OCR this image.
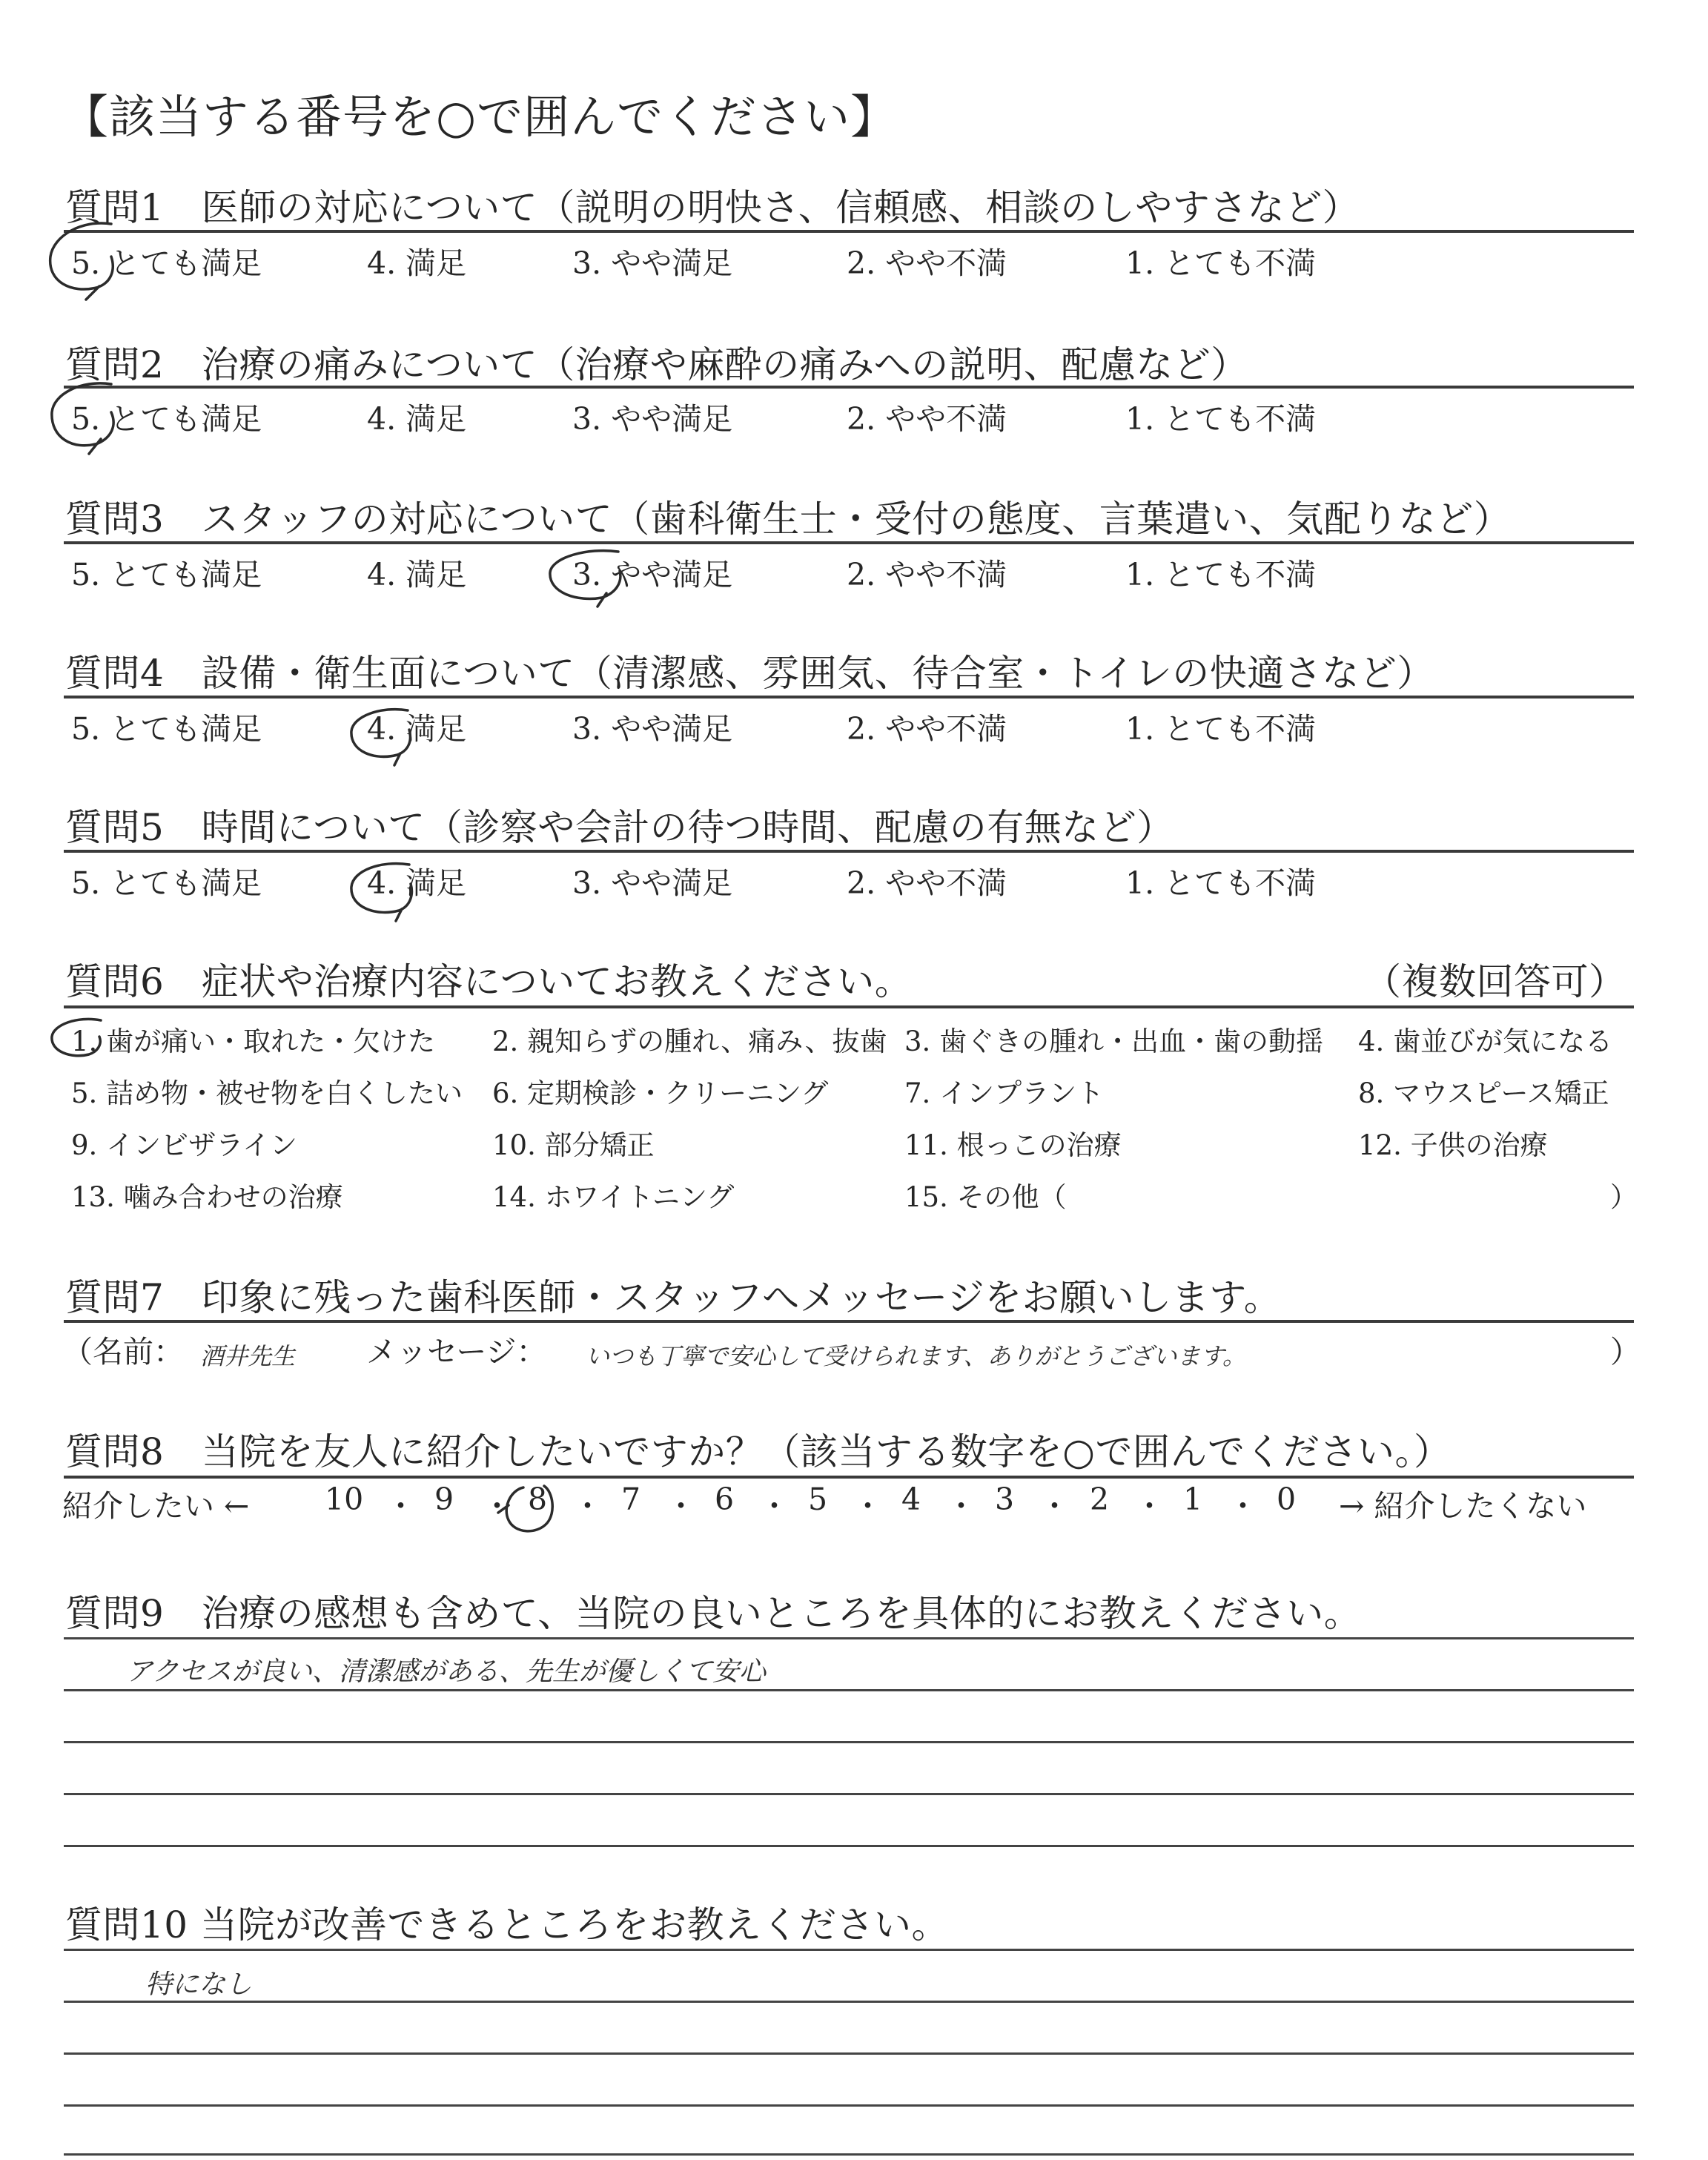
【該当する番号を○で囲んでください】
質問1　医師の対応について（説明の明快さ、信頼感、相談のしやすさなど）
5. とても満足	4. 満足	3. やや満足	2. やや不満	1. とても不満
質問2　治療の痛みについて（治療や麻酔の痛みへの説明、配慮など）
5. とても満足	4. 満足	3. やや満足	2. やや不満	1. とても不満
質問3　スタッフの対応について（歯科衛生士・受付の態度、言葉遣い、気配りなど）
5. とても満足	4. 満足	3. やや満足	2. やや不満	1. とても不満
質問4　設備・衛生面について（清潔感、雰囲気、待合室・トイレの快適さなど）
5. とても満足	4. 満足	3. やや満足	2. やや不満	1. とても不満
質問5　時間について（診察や会計の待つ時間、配慮の有無など）
5. とても満足	4. 満足	3. やや満足	2. やや不満	1. とても不満
質問6　症状や治療内容についてお教えください。	（複数回答可）
1. 歯が痛い・取れた・欠けた 2. 親知らずの腫れ、痛み、抜歯 3. 歯ぐきの腫れ・出血・歯の動揺 4. 歯並びが気になる
5. 詰め物・被せ物を白くしたい 6. 定期検診・クリーニング	7. インプラント	8. マウスピース矯正
9. インビザライン	10. 部分矯正	11. 根っこの治療	12. 子供の治療
13. 噛み合わせの治療	14. ホワイトニング	15. その他（	）
質問7　印象に残った歯科医師・スタッフへメッセージをお願いします。
（名前： 酒井先生 メッセージ： いつも丁寧で安心して受けられます、ありがとうございます。	）
質問8　当院を友人に紹介したいですか？（該当する数字を○で囲んでください。）
紹介したい ← 10 ・ 9 ・ 8 ・ 7 ・ 6 ・ 5 ・ 4 ・ 3 ・ 2 ・ 1 ・ 0 → 紹介したくない
質問9　治療の感想も含めて、当院の良いところを具体的にお教えください。
アクセスが良い、清潔感がある、先生が優しくて安心
質問10 当院が改善できるところをお教えください。
特になし
